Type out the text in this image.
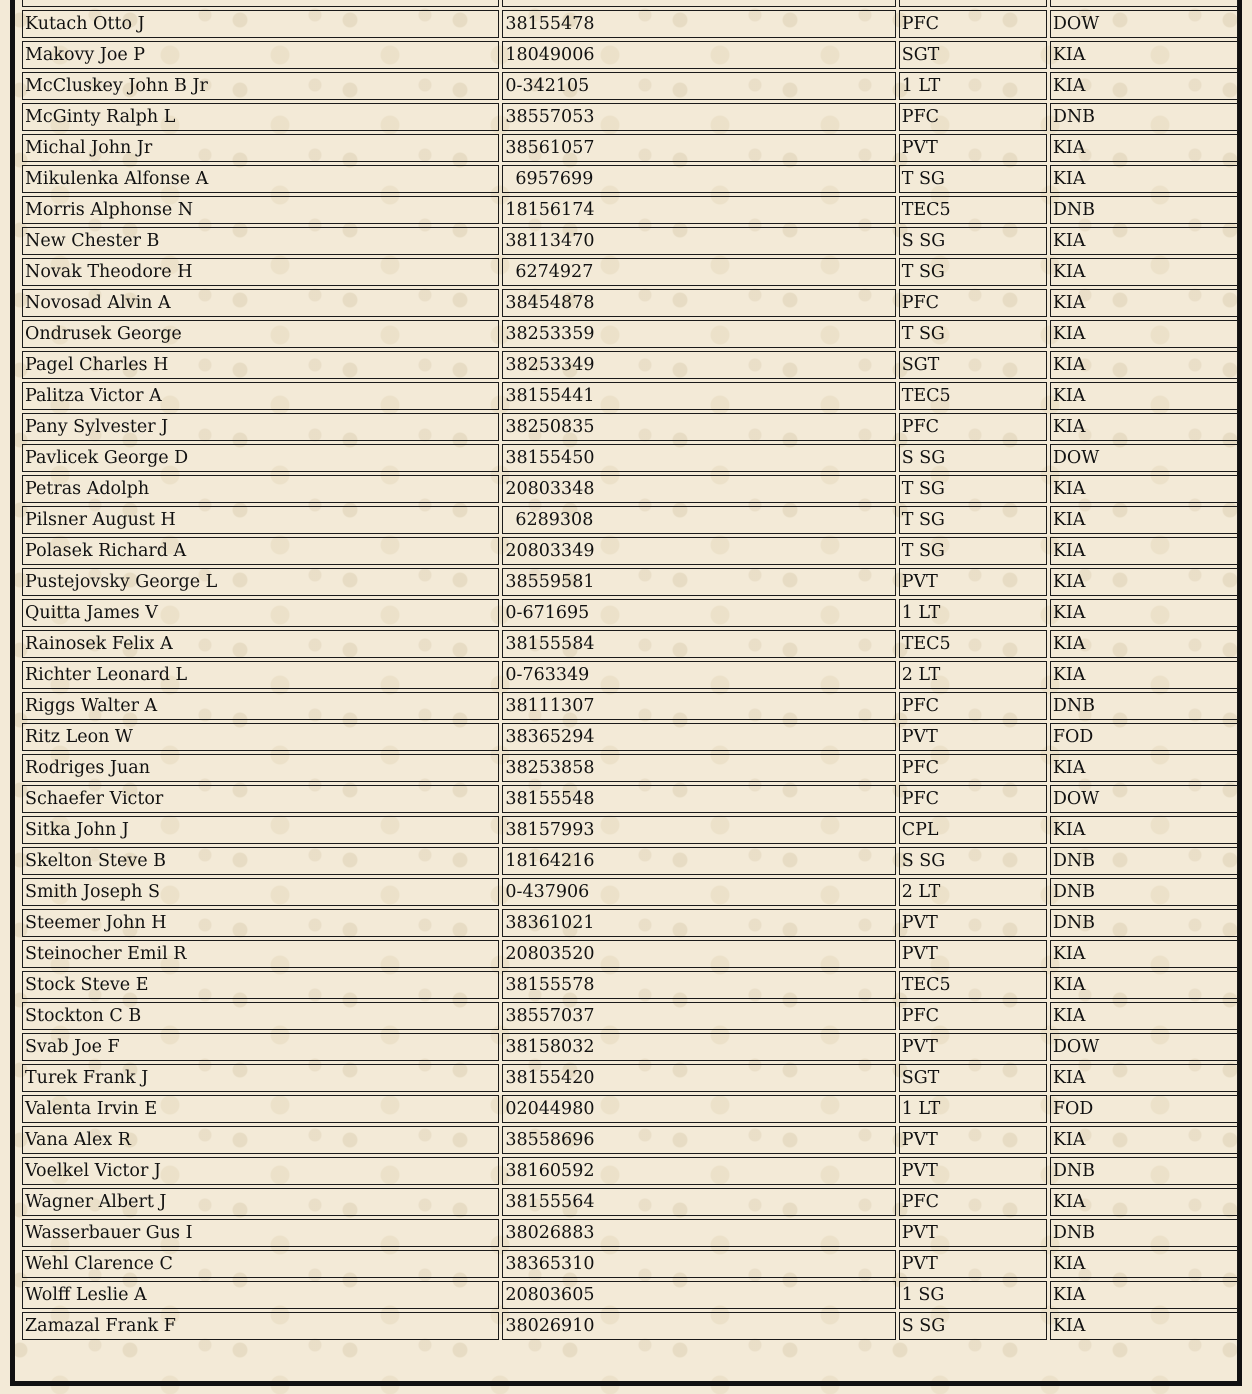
Kutach Otto J	38155478	PFC	DOW
Makovy Joe P	18049006	SGT	KIA
McCluskey John B Jr	0-342105	1 LT	KIA
McGinty Ralph L	38557053	PFC	DNB
Michal John Jr	38561057	PVT	KIA
Mikulenka Alfonse A	6957699	T SG	KIA
Morris Alphonse N	18156174	TEC5	DNB
New Chester B	38113470	S SG	KIA
Novak Theodore H	6274927	T SG	KIA
Novosad Alvin A	38454878	PFC	KIA
Ondrusek George	38253359	T SG	KIA
Pagel Charles H	38253349	SGT	KIA
Palitza Victor A	38155441	TEC5	KIA
Pany Sylvester J	38250835	PFC	KIA
Pavlicek George D	38155450	S SG	DOW
Petras Adolph	20803348	T SG	KIA
Pilsner August H	6289308	T SG	KIA
Polasek Richard A	20803349	T SG	KIA
Pustejovsky George L	38559581	PVT	KIA
Quitta James V	0-671695	1 LT	KIA
Rainosek Felix A	38155584	TEC5	KIA
Richter Leonard L	0-763349	2 LT	KIA
Riggs Walter A	38111307	PFC	DNB
Ritz Leon W	38365294	PVT	FOD
Rodriges Juan	38253858	PFC	KIA
Schaefer Victor	38155548	PFC	DOW
Sitka John J	38157993	CPL	KIA
Skelton Steve B	18164216	S SG	DNB
Smith Joseph S	0-437906	2 LT	DNB
Steemer John H	38361021	PVT	DNB
Steinocher Emil R	20803520	PVT	KIA
Stock Steve E	38155578	TEC5	KIA
Stockton C B	38557037	PFC	KIA
Svab Joe F	38158032	PVT	DOW
Turek Frank J	38155420	SGT	KIA
Valenta Irvin E	02044980	1 LT	FOD
Vana Alex R	38558696	PVT	KIA
Voelkel Victor J	38160592	PVT	DNB
Wagner Albert J	38155564	PFC	KIA
Wasserbauer Gus I	38026883	PVT	DNB
Wehl Clarence C	38365310	PVT	KIA
Wolff Leslie A	20803605	1 SG	KIA
Zamazal Frank F	38026910	S SG	KIA
